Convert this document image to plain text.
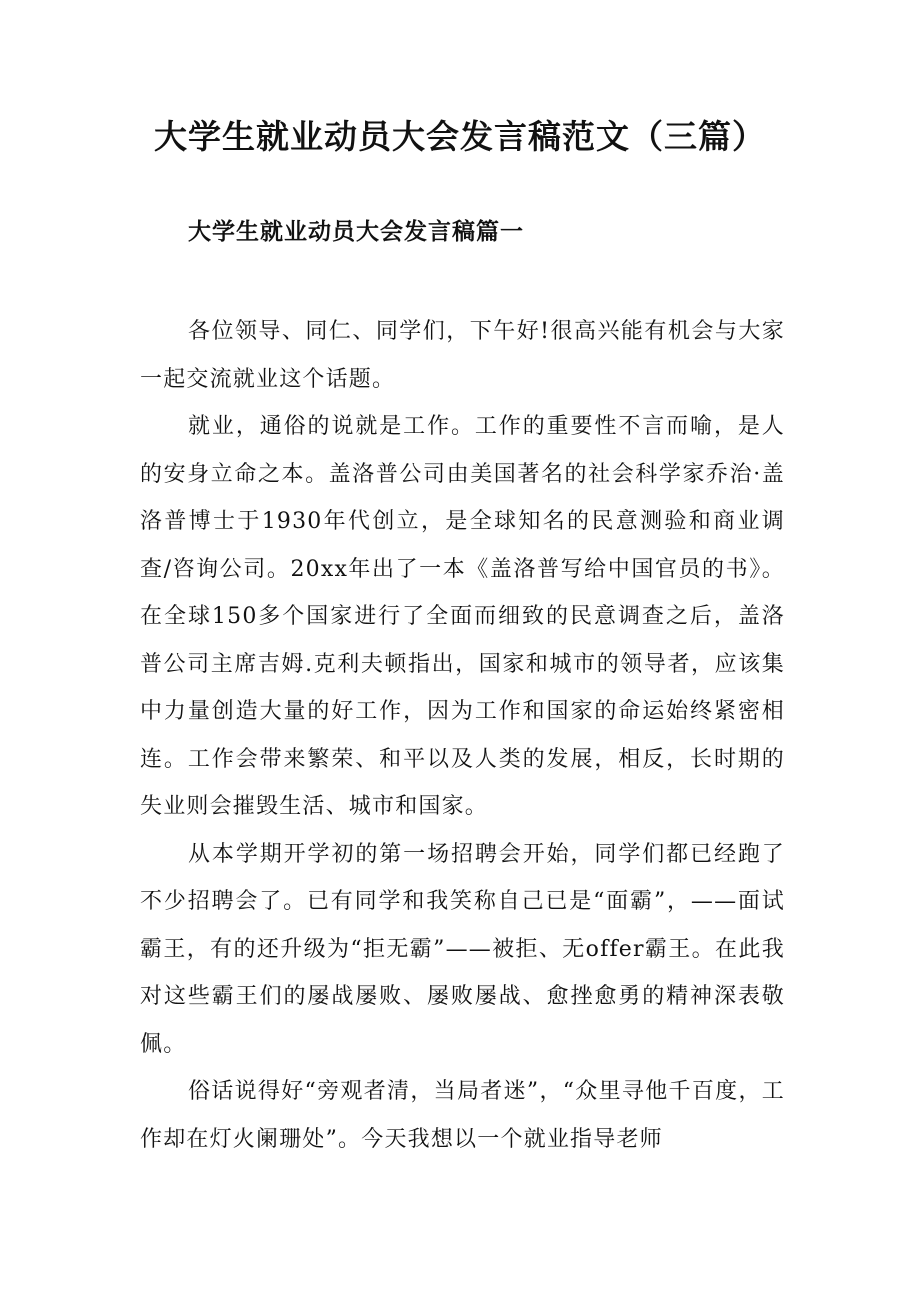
大学生就业动员大会发言稿范文（三篇）
大学生就业动员大会发言稿篇一

各位领导、同仁、同学们，下午好!很高兴能有机会与大家一起交流就业这个话题。

就业，通俗的说就是工作。工作的重要性不言而喻，是人的安身立命之本。盖洛普公司由美国著名的社会科学家乔治·盖洛普博士于1930年代创立，是全球知名的民意测验和商业调查/咨询公司。20xx年出了一本《盖洛普写给中国官员的书》。在全球150多个国家进行了全面而细致的民意调查之后，盖洛普公司主席吉姆.克利夫顿指出，国家和城市的领导者，应该集中力量创造大量的好工作，因为工作和国家的命运始终紧密相连。工作会带来繁荣、和平以及人类的发展，相反，长时期的失业则会摧毁生活、城市和国家。

从本学期开学初的第一场招聘会开始，同学们都已经跑了不少招聘会了。已有同学和我笑称自己已是“面霸”，——面试霸王，有的还升级为“拒无霸”——被拒、无offer霸王。在此我对这些霸王们的屡战屡败、屡败屡战、愈挫愈勇的精神深表敬佩。

俗话说得好“旁观者清，当局者迷”，“众里寻他千百度，工作却在灯火阑珊处”。今天我想以一个就业指导老师
